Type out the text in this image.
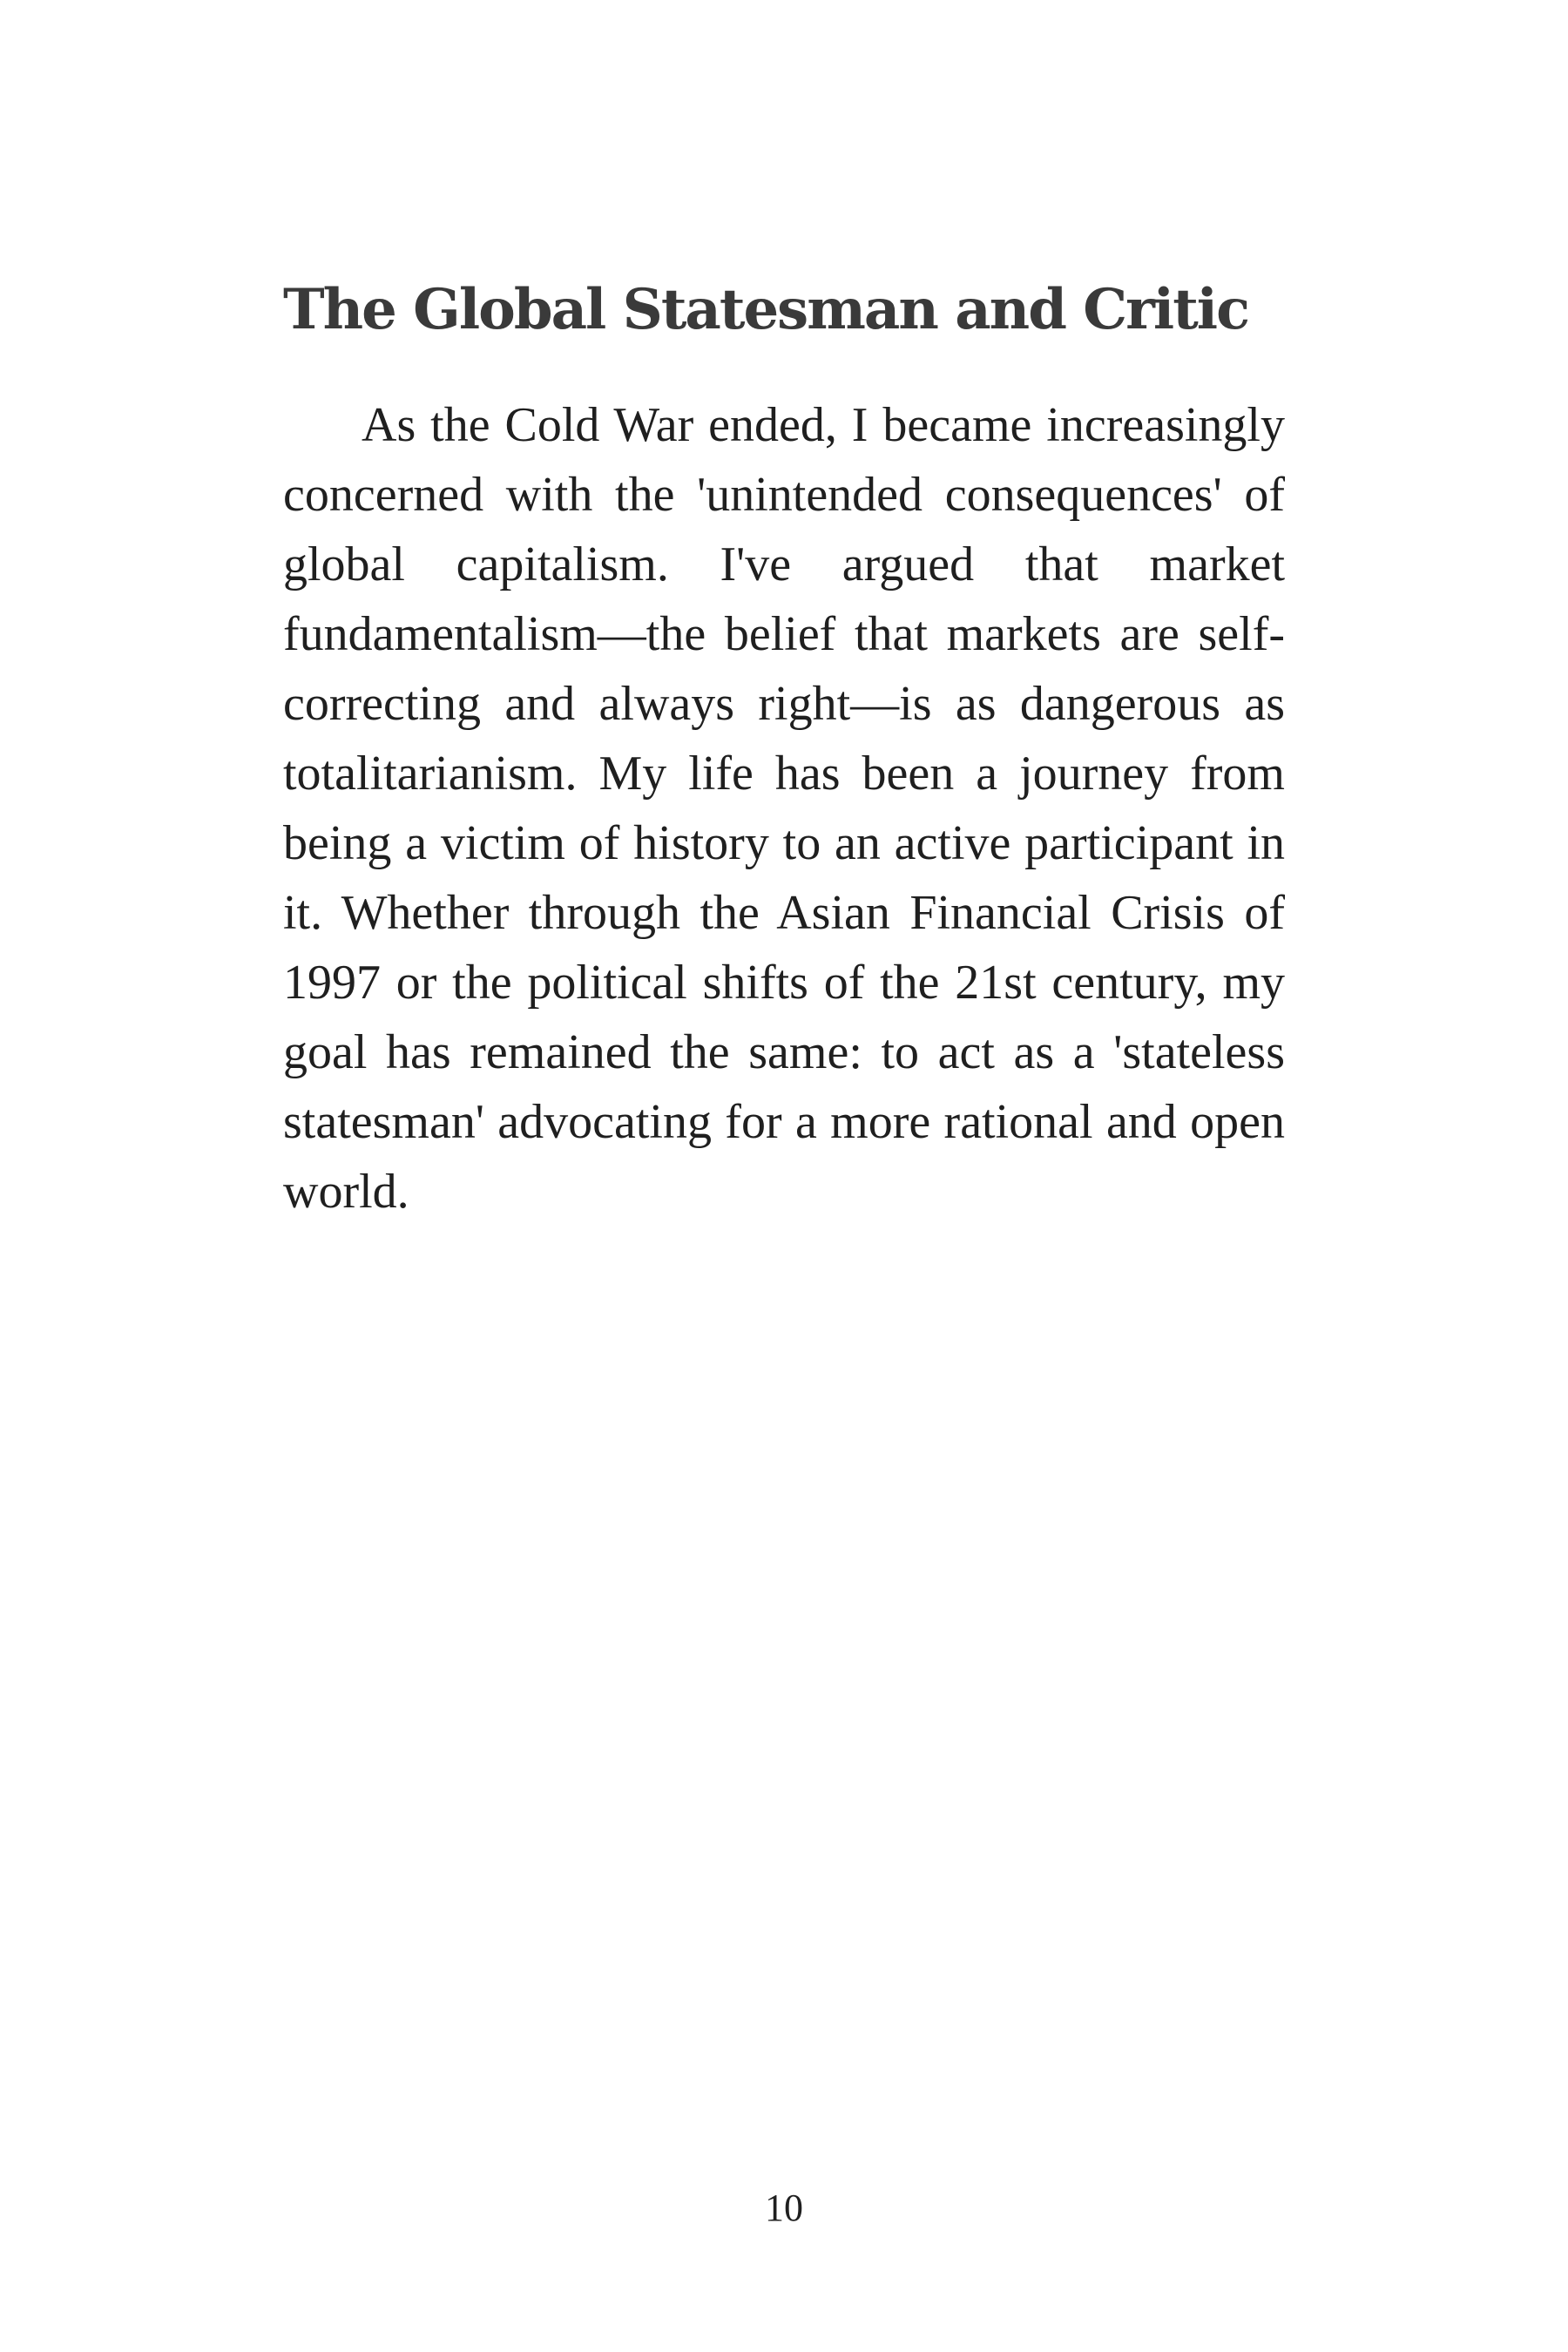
The Global Statesman and Critic

As the Cold War ended, I became increasingly concerned with the 'unintended consequences' of global capitalism. I've argued that market fundamentalism—the belief that markets are self-correcting and always right—is as dangerous as totalitarianism. My life has been a journey from being a victim of history to an active participant in it. Whether through the Asian Financial Crisis of 1997 or the political shifts of the 21st century, my goal has remained the same: to act as a 'stateless statesman' advocating for a more rational and open world.

10
